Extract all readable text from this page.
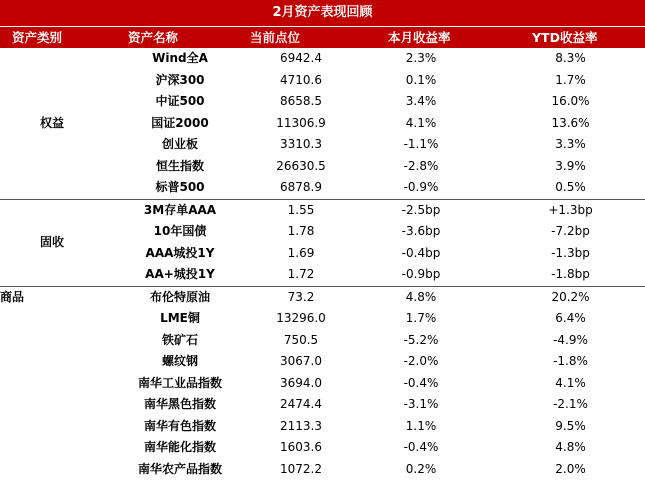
2月资产表现回顾
资产类别	资产名称	当前点位	本月收益率	YTD收益率
权益	Wind全A	6942.4	2.3%	8.3%
	沪深300	4710.6	0.1%	1.7%
	中证500	8658.5	3.4%	16.0%
	国证2000	11306.9	4.1%	13.6%
	创业板	3310.3	-1.1%	3.3%
	恒生指数	26630.5	-2.8%	3.9%
	标普500	6878.9	-0.9%	0.5%
固收	3M存单AAA	1.55	-2.5bp	+1.3bp
	10年国债	1.78	-3.6bp	-7.2bp
	AAA城投1Y	1.69	-0.4bp	-1.3bp
	AA+城投1Y	1.72	-0.9bp	-1.8bp
商品	布伦特原油	73.2	4.8%	20.2%
	LME铜	13296.0	1.7%	6.4%
	铁矿石	750.5	-5.2%	-4.9%
	螺纹钢	3067.0	-2.0%	-1.8%
	南华工业品指数	3694.0	-0.4%	4.1%
	南华黑色指数	2474.4	-3.1%	-2.1%
	南华有色指数	2113.3	1.1%	9.5%
	南华能化指数	1603.6	-0.4%	4.8%
	南华农产品指数	1072.2	0.2%	2.0%
